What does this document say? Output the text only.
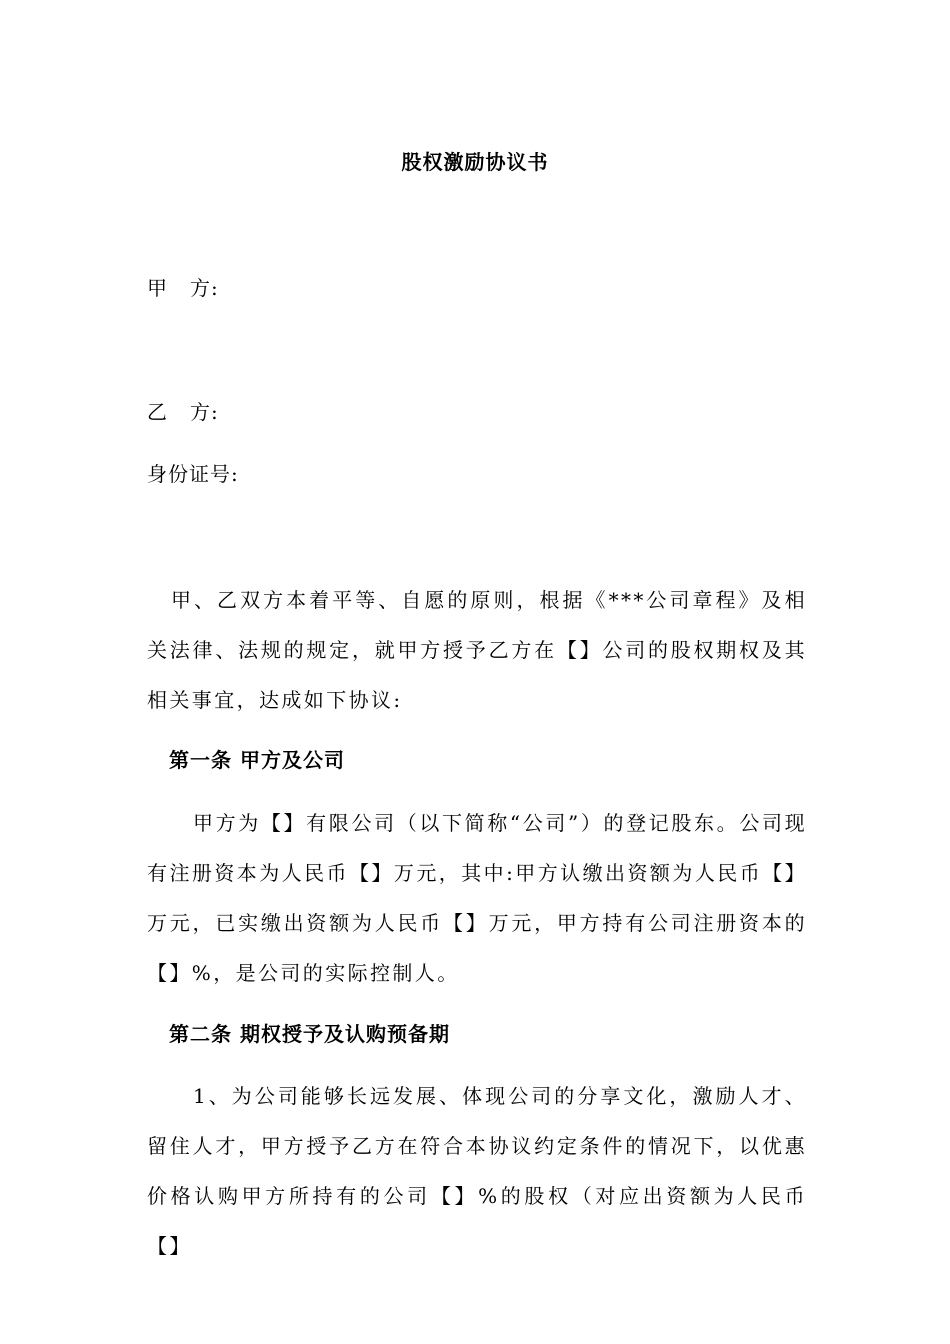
股权激励协议书
甲 方:
乙 方:
身份证号:
甲、乙双方本着平等、自愿的原则，根据《***公司章程》及相关法律、法规的规定，就甲方授予乙方在【】公司的股权期权及其相关事宜，达成如下协议:
第一条 甲方及公司
甲方为【】有限公司（以下简称“公司”）的登记股东。公司现有注册资本为人民币【】万元，其中:甲方认缴出资额为人民币【】万元，已实缴出资额为人民币【】万元，甲方持有公司注册资本的【】%，是公司的实际控制人。
第二条 期权授予及认购预备期
1、为公司能够长远发展、体现公司的分享文化，激励人才、留住人才，甲方授予乙方在符合本协议约定条件的情况下，以优惠价格认购甲方所持有的公司【】%的股权（对应出资额为人民币【】
